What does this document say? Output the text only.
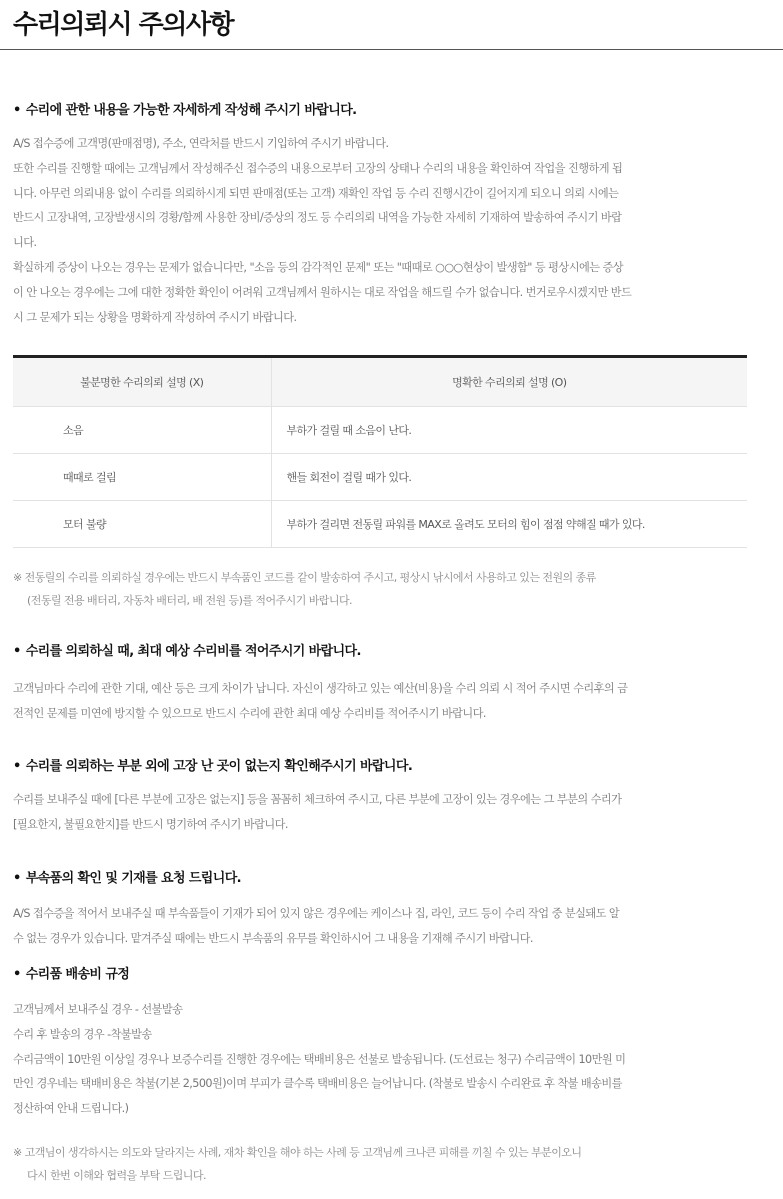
수리의뢰시 주의사항
• 수리에 관한 내용을 가능한 자세하게 작성해 주시기 바랍니다.
A/S 접수증에 고객명(판매점명), 주소, 연락처를 반드시 기입하여 주시기 바랍니다.
또한 수리를 진행할 때에는 고객님께서 작성해주신 접수증의 내용으로부터 고장의 상태나 수리의 내용을 확인하여 작업을 진행하게 됩
니다. 아무런 의뢰내용 없이 수리를 의뢰하시게 되면 판매점(또는 고객) 재확인 작업 등 수리 진행시간이 길어지게 되오니 의뢰 시에는
반드시 고장내역, 고장발생시의 경황/함께 사용한 장비/증상의 정도 등 수리의뢰 내역을 가능한 자세히 기재하여 발송하여 주시기 바랍
니다.
확실하게 증상이 나오는 경우는 문제가 없습니다만, "소음 등의 감각적인 문제" 또는 "때때로 ○○○현상이 발생함" 등 평상시에는 증상
이 안 나오는 경우에는 그에 대한 정확한 확인이 어려워 고객님께서 원하시는 대로 작업을 해드릴 수가 없습니다. 번거로우시겠지만 반드
시 그 문제가 되는 상황을 명확하게 작성하여 주시기 바랍니다.
불분명한 수리의뢰 설명 (X)	명확한 수리의뢰 설명 (O)
소음	부하가 걸릴 때 소음이 난다.
때때로 걸림	핸들 회전이 걸릴 때가 있다.
모터 불량	부하가 걸리면 전동릴 파워를 MAX로 올려도 모터의 힘이 점점 약해질 때가 있다.
※ 전동릴의 수리를 의뢰하실 경우에는 반드시 부속품인 코드를 같이 발송하여 주시고, 평상시 낚시에서 사용하고 있는 전원의 종류
(전동릴 전용 배터리, 자동차 배터리, 배 전원 등)를 적어주시기 바랍니다.
• 수리를 의뢰하실 때, 최대 예상 수리비를 적어주시기 바랍니다.
고객님마다 수리에 관한 기대, 예산 등은 크게 차이가 납니다. 자신이 생각하고 있는 예산(비용)을 수리 의뢰 시 적어 주시면 수리후의 금
전적인 문제를 미연에 방지할 수 있으므로 반드시 수리에 관한 최대 예상 수리비를 적어주시기 바랍니다.
• 수리를 의뢰하는 부분 외에 고장 난 곳이 없는지 확인해주시기 바랍니다.
수리를 보내주실 때에 [다른 부분에 고장은 없는지] 등을 꼼꼼히 체크하여 주시고, 다른 부분에 고장이 있는 경우에는 그 부분의 수리가
[필요한지, 불필요한지]를 반드시 명기하여 주시기 바랍니다.
• 부속품의 확인 및 기재를 요청 드립니다.
A/S 접수증을 적어서 보내주실 때 부속품들이 기재가 되어 있지 않은 경우에는 케이스나 집, 라인, 코드 등이 수리 작업 중 분실돼도 알
수 없는 경우가 있습니다. 맡겨주실 때에는 반드시 부속품의 유무를 확인하시어 그 내용을 기재해 주시기 바랍니다.
• 수리품 배송비 규정
고객님께서 보내주실 경우 - 선불발송
수리 후 발송의 경우 -착불발송
수리금액이 10만원 이상일 경우나 보증수리를 진행한 경우에는 택배비용은 선불로 발송됩니다. (도선료는 청구) 수리금액이 10만원 미
만인 경우네는 택배비용은 착불(기본 2,500원)이며 부피가 클수록 택배비용은 늘어납니다. (착불로 발송시 수리완료 후 착불 배송비를
정산하여 안내 드립니다.)
※ 고객님이 생각하시는 의도와 달라지는 사례, 재차 확인을 해야 하는 사례 등 고객님께 크나큰 피해를 끼칠 수 있는 부분이오니
다시 한번 이해와 협력을 부탁 드립니다.
